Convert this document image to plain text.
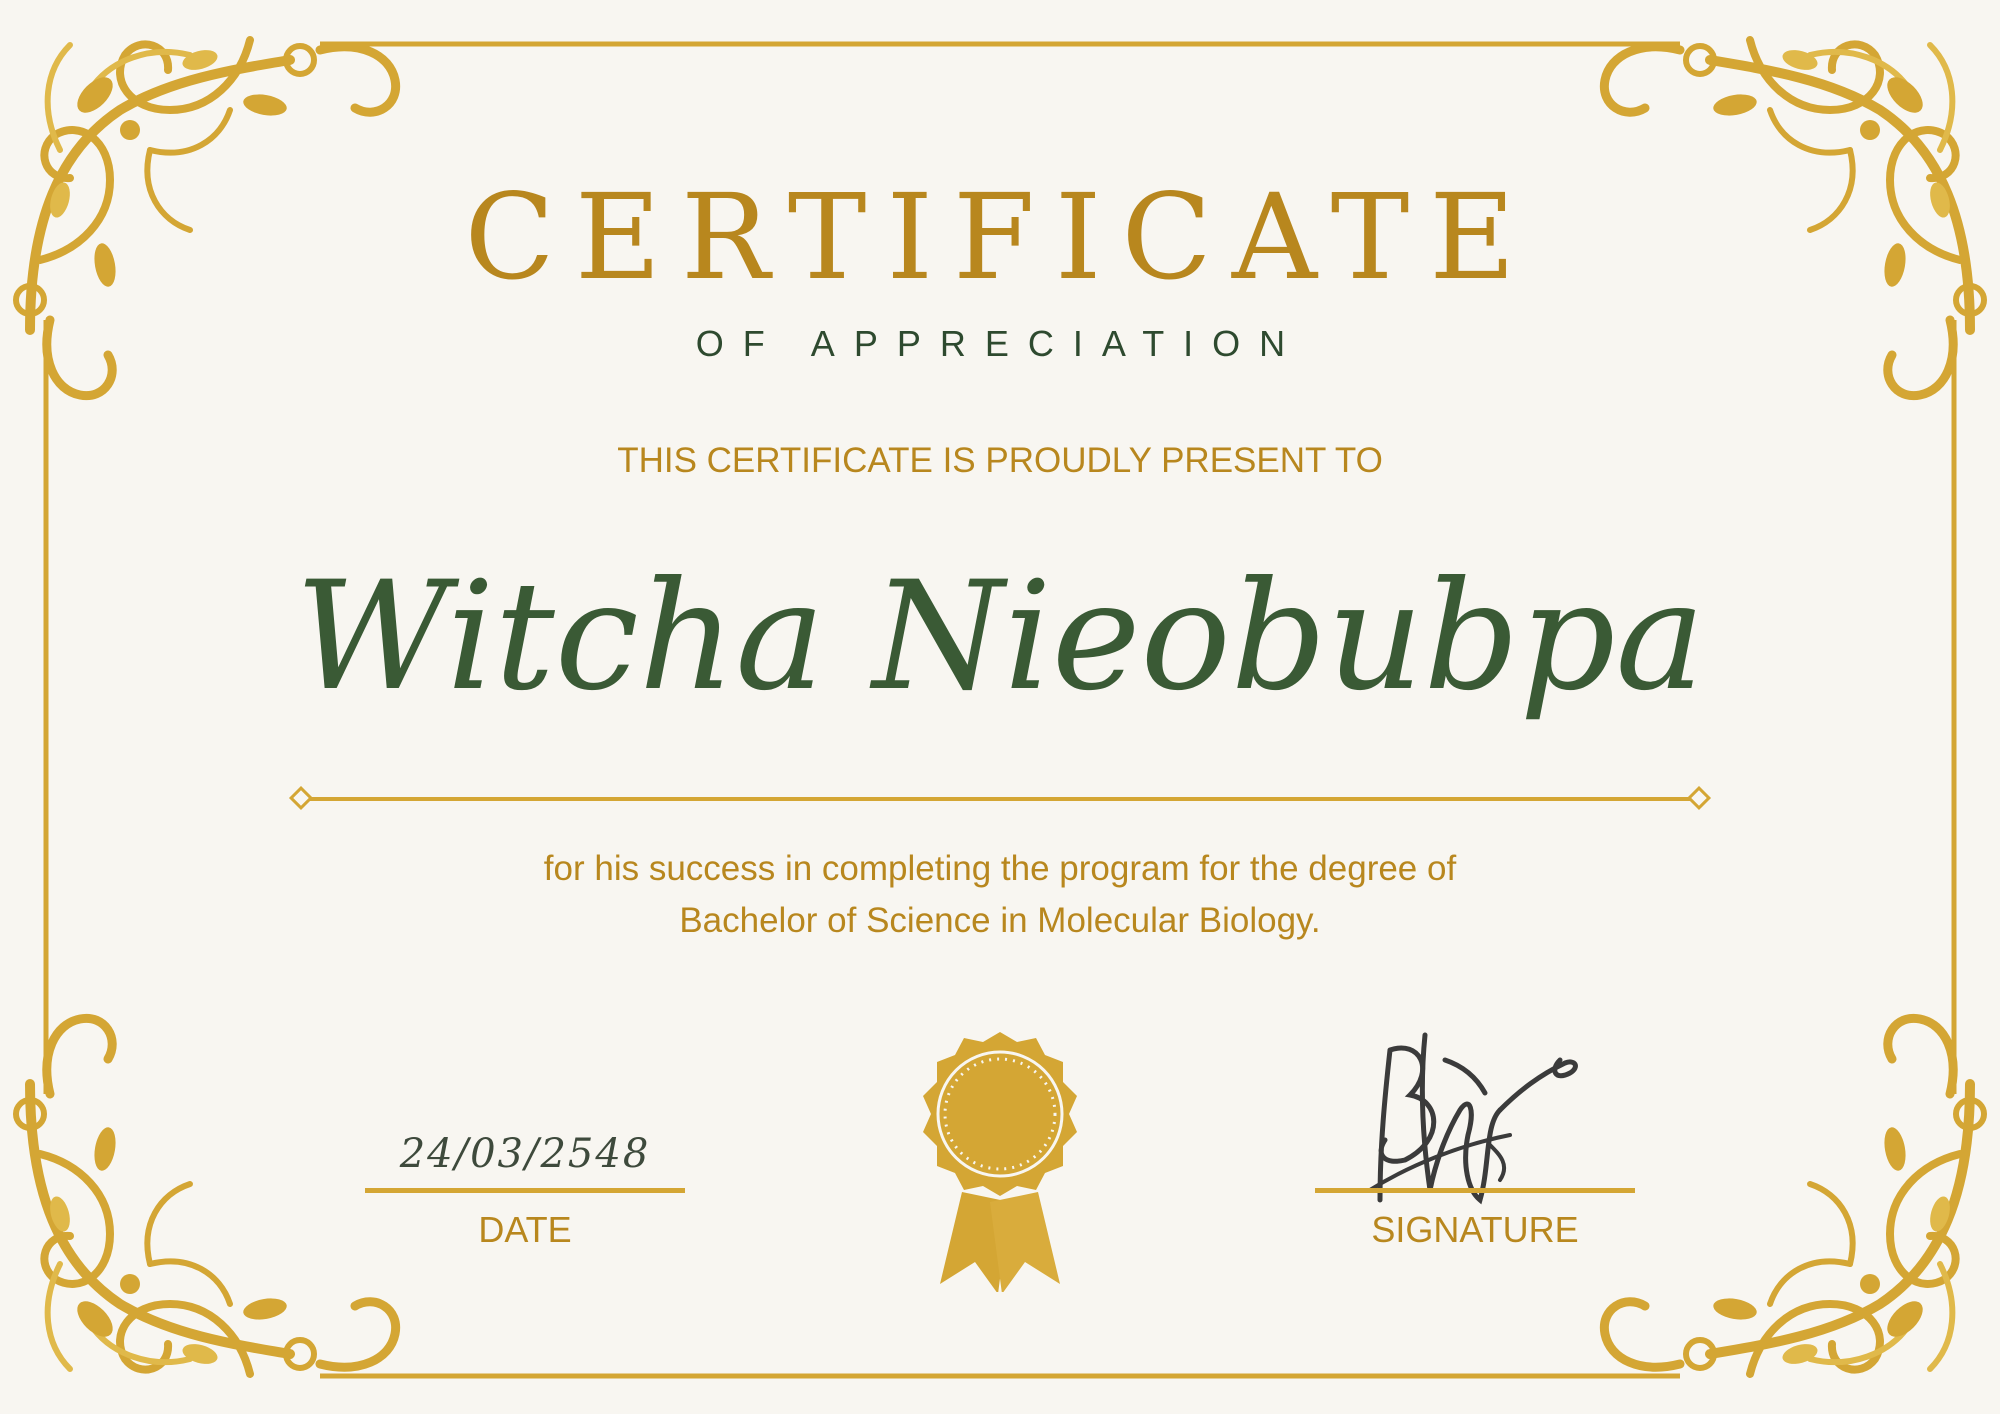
CERTIFICATE
OF APPRECIATION
THIS CERTIFICATE IS PROUDLY PRESENT TO
Witcha Nieobubpa
for his success in completing the program for the degree of
Bachelor of Science in Molecular Biology.
24/03/2548
DATE	SIGNATURE
